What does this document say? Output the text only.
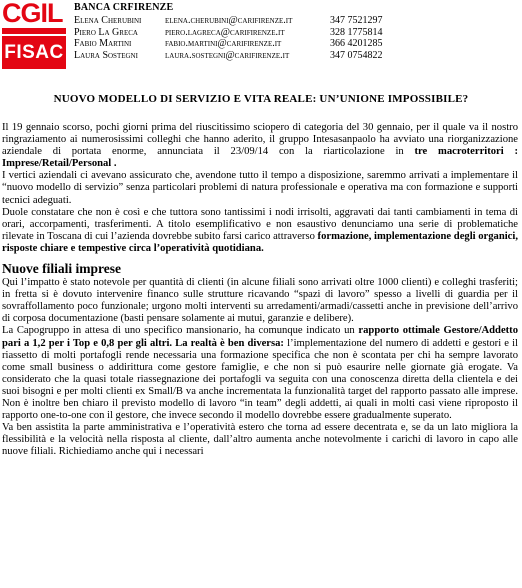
CGIL
FISAC
BANCA CRFIRENZE
Elena Cherubini	elena.cherubini@carifirenze.it	347 7521297
Piero La Greca	piero.lagreca@carifirenze.it	328 1775814
Fabio Martini	fabio.martini@carifirenze.it	366 4201285
Laura Sostegni	laura.sostegni@carifirenze.it	347 0754822
NUOVO MODELLO DI SERVIZIO E VITA REALE: UN’UNIONE IMPOSSIBILE?

Il 19 gennaio scorso, pochi giorni prima del riuscitissimo sciopero di categoria del 30 gennaio, per il quale va il nostro ringraziamento ai numerosissimi colleghi che hanno aderito, il gruppo Intesasanpaolo ha avviato una riorganizzazione aziendale di portata enorme, annunciata il 23/09/14 con la riarticolazione in tre macroterritori : Imprese/Retail/Personal .

I vertici aziendali ci avevano assicurato che, avendone tutto il tempo a disposizione, saremmo arrivati a implementare il “nuovo modello di servizio” senza particolari problemi di natura professionale e operativa ma con formazione e supporti tecnici adeguati.

Duole constatare che non è così e che tuttora sono tantissimi i nodi irrisolti, aggravati dai tanti cambiamenti in tema di orari, accorpamenti, trasferimenti. A titolo esemplificativo e non esaustivo denunciamo una serie di problematiche rilevate in Toscana di cui l’azienda dovrebbe subito farsi carico attraverso formazione, implementazione degli organici, risposte chiare e tempestive circa l’operatività quotidiana.

Nuove filiali imprese

Qui l’impatto è stato notevole per quantità di clienti (in alcune filiali sono arrivati oltre 1000 clienti) e colleghi trasferiti; in fretta si è dovuto intervenire financo sulle strutture ricavando “spazi di lavoro” spesso a livelli di guardia per il sovraffollamento poco funzionale; urgono molti interventi su arredamenti/armadi/cassetti anche in previsione dell’arrivo di corposa documentazione (basti pensare solamente ai mutui, garanzie e delibere).

La Capogruppo in attesa di uno specifico mansionario, ha comunque indicato un rapporto ottimale Gestore/Addetto pari a 1,2 per i Top e 0,8 per gli altri. La realtà è ben diversa: l’implementazione del numero di addetti e gestori e il riassetto di molti portafogli rende necessaria una formazione specifica che non è scontata per chi ha sempre lavorato come small business o addirittura come gestore famiglie, e che non si può esaurire nelle giornate già erogate. Va considerato che la quasi totale riassegnazione dei portafogli va seguita con una conoscenza diretta della clientela e dei suoi bisogni e per molti clienti ex Small/B va anche incrementata la funzionalità target del rapporto passato alle imprese. Non è inoltre ben chiaro il previsto modello di lavoro “in team” degli addetti, ai quali in molti casi viene riproposto il rapporto one-to-one con il gestore, che invece secondo il modello dovrebbe essere gradualmente superato.

Va ben assistita la parte amministrativa e l’operatività estero che torna ad essere decentrata e, se da un lato migliora la flessibilità e la velocità nella risposta al cliente, dall’altro aumenta anche notevolmente i carichi di lavoro in capo alle nuove filiali. Richiediamo anche qui i necessari
